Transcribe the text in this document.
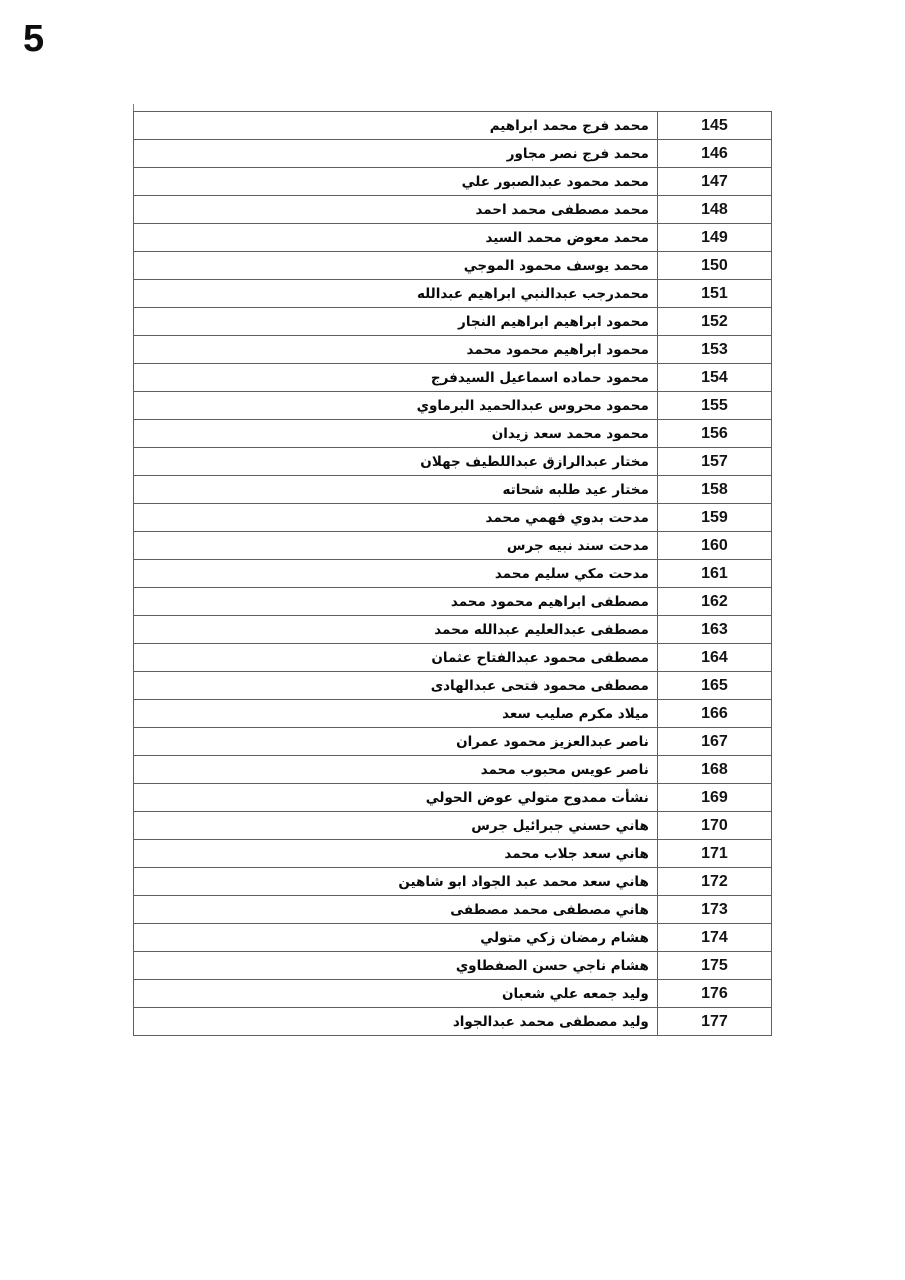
5
145	محمد فرج محمد ابراهيم
146	محمد فرج نصر مجاور
147	محمد محمود عبدالصبور علي
148	محمد مصطفى محمد احمد
149	محمد معوض محمد السيد
150	محمد يوسف محمود الموجي
151	محمدرجب عبدالنبي ابراهيم عبدالله
152	محمود ابراهيم ابراهيم النجار
153	محمود ابراهيم محمود محمد
154	محمود حماده اسماعيل السيدفرج
155	محمود محروس عبدالحميد البرماوي
156	محمود محمد سعد زيدان
157	مختار عبدالرازق عبداللطيف جهلان
158	مختار عيد طلبه شحاته
159	مدحت بدوي فهمي محمد
160	مدحت سند نبيه جرس
161	مدحت مكي سليم محمد
162	مصطفى ابراهيم محمود محمد
163	مصطفى عبدالعليم عبدالله محمد
164	مصطفى محمود عبدالفتاح عثمان
165	مصطفى محمود فتحى عبدالهادى
166	ميلاد مكرم صليب سعد
167	ناصر عبدالعزيز محمود عمران
168	ناصر عويس محبوب محمد
169	نشأت ممدوح متولي عوض الحولي
170	هاني حسني جبرائيل جرس
171	هاني سعد جلاب محمد
172	هاني سعد محمد عبد الجواد ابو شاهين
173	هاني مصطفى محمد مصطفى
174	هشام رمضان زكي متولي
175	هشام ناجي حسن الصفطاوي
176	وليد جمعه علي شعبان
177	وليد مصطفى محمد عبدالجواد
